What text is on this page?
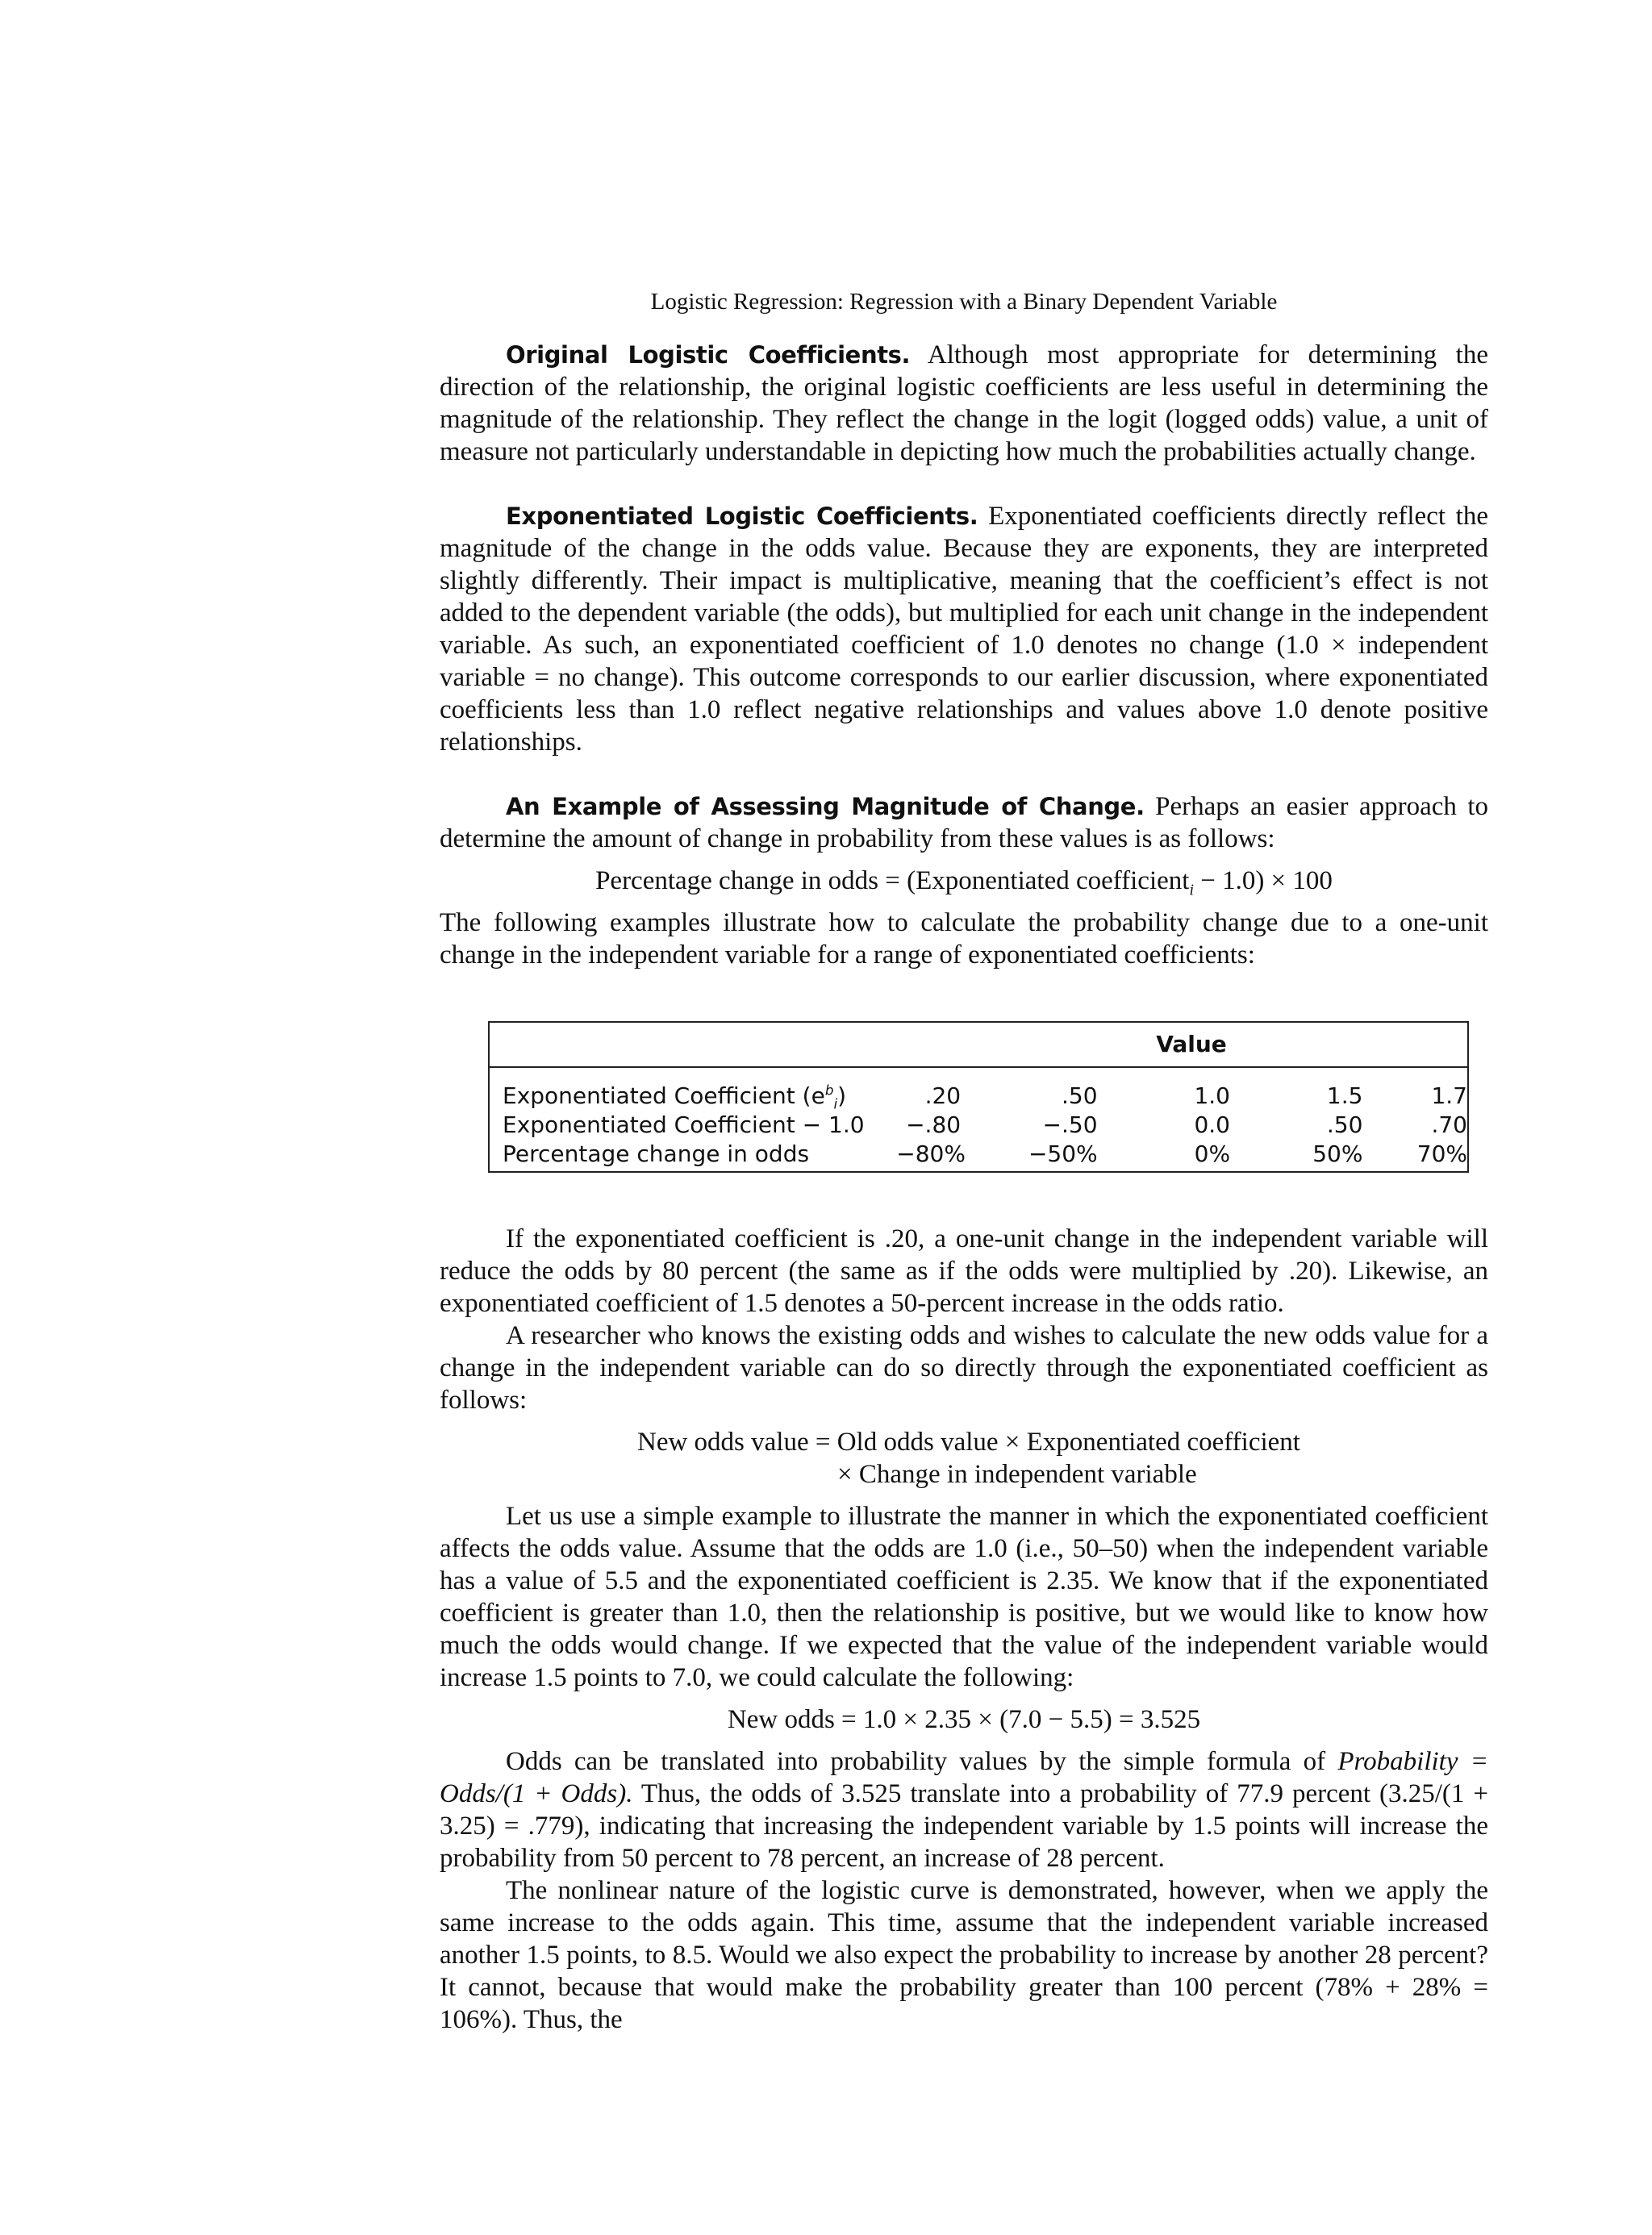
Logistic Regression: Regression with a Binary Dependent Variable

Original Logistic Coefficients. Although most appropriate for determining the direction of the relationship, the original logistic coefficients are less useful in determining the magnitude of the relationship. They reflect the change in the logit (logged odds) value, a unit of measure not particularly understandable in depicting how much the probabilities actually change.

Exponentiated Logistic Coefficients. Exponentiated coefficients directly reflect the magnitude of the change in the odds value. Because they are exponents, they are interpreted slightly differently. Their impact is multiplicative, meaning that the coefficient’s effect is not added to the dependent variable (the odds), but multiplied for each unit change in the independent variable. As such, an exponentiated coefficient of 1.0 denotes no change (1.0 × independent variable = no change). This outcome corresponds to our earlier discussion, where exponentiated coefficients less than 1.0 reflect negative relationships and values above 1.0 denote positive relationships.

An Example of Assessing Magnitude of Change. Perhaps an easier approach to determine the amount of change in probability from these values is as follows:

Percentage change in odds = (Exponentiated coefficient$_i$ − 1.0) × 100

The following examples illustrate how to calculate the probability change due to a one-unit change in the independent variable for a range of exponentiated coefficients:

Value
Exponentiated Coefficient $(e^b_i)$	.20	.50	1.0	1.5	1.7
Exponentiated Coefficient − 1.0	−.80	−.50	0.0	.50	.70
Percentage change in odds	−80%	−50%	0%	50%	70%

If the exponentiated coefficient is .20, a one-unit change in the independent variable will reduce the odds by 80 percent (the same as if the odds were multiplied by .20). Likewise, an exponentiated coefficient of 1.5 denotes a 50-percent increase in the odds ratio.

A researcher who knows the existing odds and wishes to calculate the new odds value for a change in the independent variable can do so directly through the exponentiated coefficient as follows:

New odds value = Old odds value × Exponentiated coefficient
× Change in independent variable

Let us use a simple example to illustrate the manner in which the exponentiated coefficient affects the odds value. Assume that the odds are 1.0 (i.e., 50–50) when the independent variable has a value of 5.5 and the exponentiated coefficient is 2.35. We know that if the exponentiated coefficient is greater than 1.0, then the relationship is positive, but we would like to know how much the odds would change. If we expected that the value of the independent variable would increase 1.5 points to 7.0, we could calculate the following:

New odds = 1.0 × 2.35 × (7.0 − 5.5) = 3.525

Odds can be translated into probability values by the simple formula of Probability = Odds/(1 + Odds). Thus, the odds of 3.525 translate into a probability of 77.9 percent (3.25/(1 + 3.25) = .779), indicating that increasing the independent variable by 1.5 points will increase the probability from 50 percent to 78 percent, an increase of 28 percent.

The nonlinear nature of the logistic curve is demonstrated, however, when we apply the same increase to the odds again. This time, assume that the independent variable increased another 1.5 points, to 8.5. Would we also expect the probability to increase by another 28 percent? It cannot, because that would make the probability greater than 100 percent (78% + 28% = 106%). Thus, the
